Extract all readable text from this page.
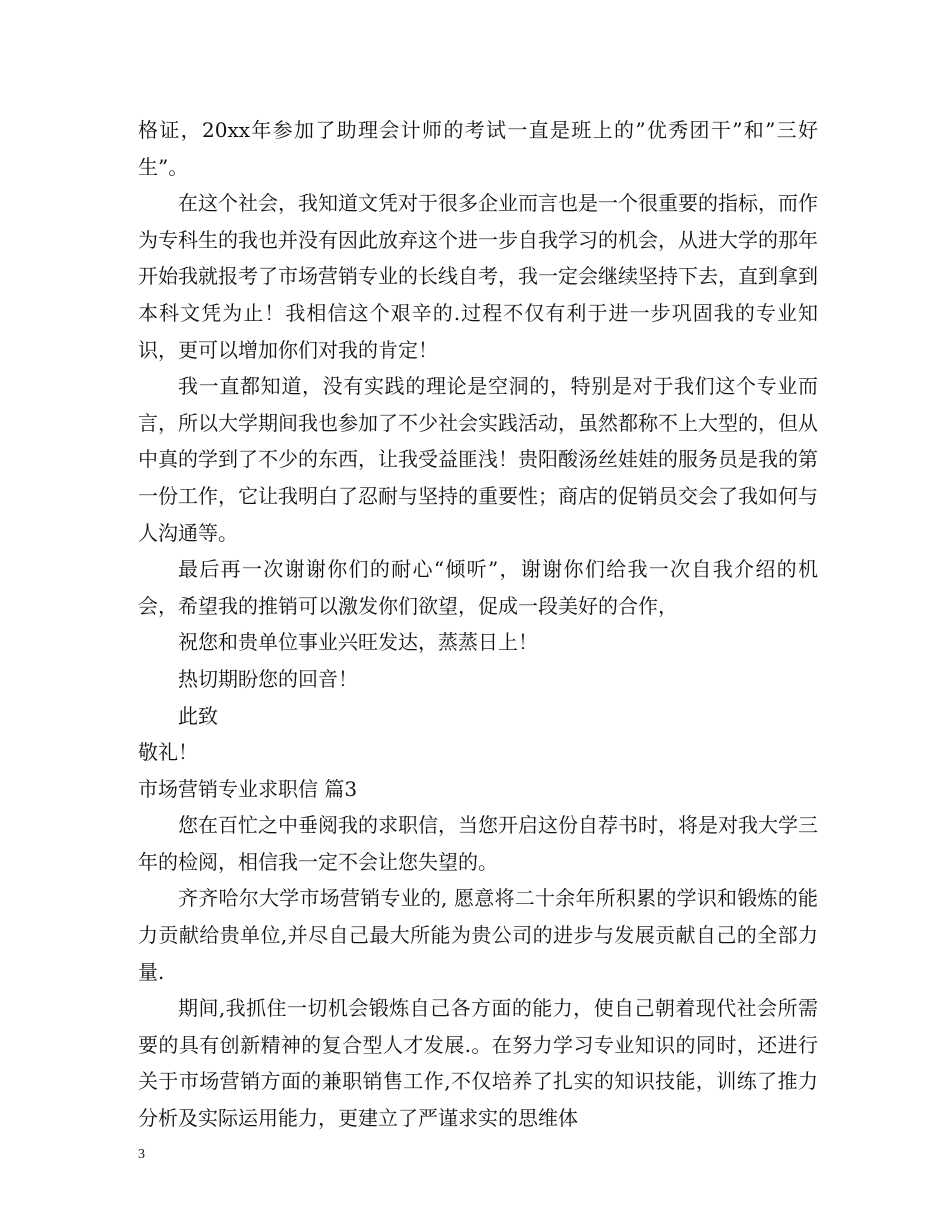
格证，20xx年参加了助理会计师的考试一直是班上的”优秀团干”和”三好生”。

在这个社会，我知道文凭对于很多企业而言也是一个很重要的指标，而作为专科生的我也并没有因此放弃这个进一步自我学习的机会，从进大学的那年开始我就报考了市场营销专业的长线自考，我一定会继续坚持下去，直到拿到本科文凭为止！我相信这个艰辛的.过程不仅有利于进一步巩固我的专业知识，更可以增加你们对我的肯定！

我一直都知道，没有实践的理论是空洞的，特别是对于我们这个专业而言，所以大学期间我也参加了不少社会实践活动，虽然都称不上大型的，但从中真的学到了不少的东西，让我受益匪浅！贵阳酸汤丝娃娃的服务员是我的第一份工作，它让我明白了忍耐与坚持的重要性；商店的促销员交会了我如何与人沟通等。

最后再一次谢谢你们的耐心“倾听”，谢谢你们给我一次自我介绍的机会，希望我的推销可以激发你们欲望，促成一段美好的合作，

祝您和贵单位事业兴旺发达，蒸蒸日上！

热切期盼您的回音！

此致

敬礼！

市场营销专业求职信 篇3

您在百忙之中垂阅我的求职信，当您开启这份自荐书时，将是对我大学三年的检阅，相信我一定不会让您失望的。

齐齐哈尔大学市场营销专业的, 愿意将二十余年所积累的学识和锻炼的能力贡献给贵单位,并尽自己最大所能为贵公司的进步与发展贡献自己的全部力量.

期间,我抓住一切机会锻炼自己各方面的能力，使自己朝着现代社会所需要的具有创新精神的复合型人才发展.。在努力学习专业知识的同时，还进行关于市场营销方面的兼职销售工作,不仅培养了扎实的知识技能，训练了推力分析及实际运用能力，更建立了严谨求实的思维体

3
